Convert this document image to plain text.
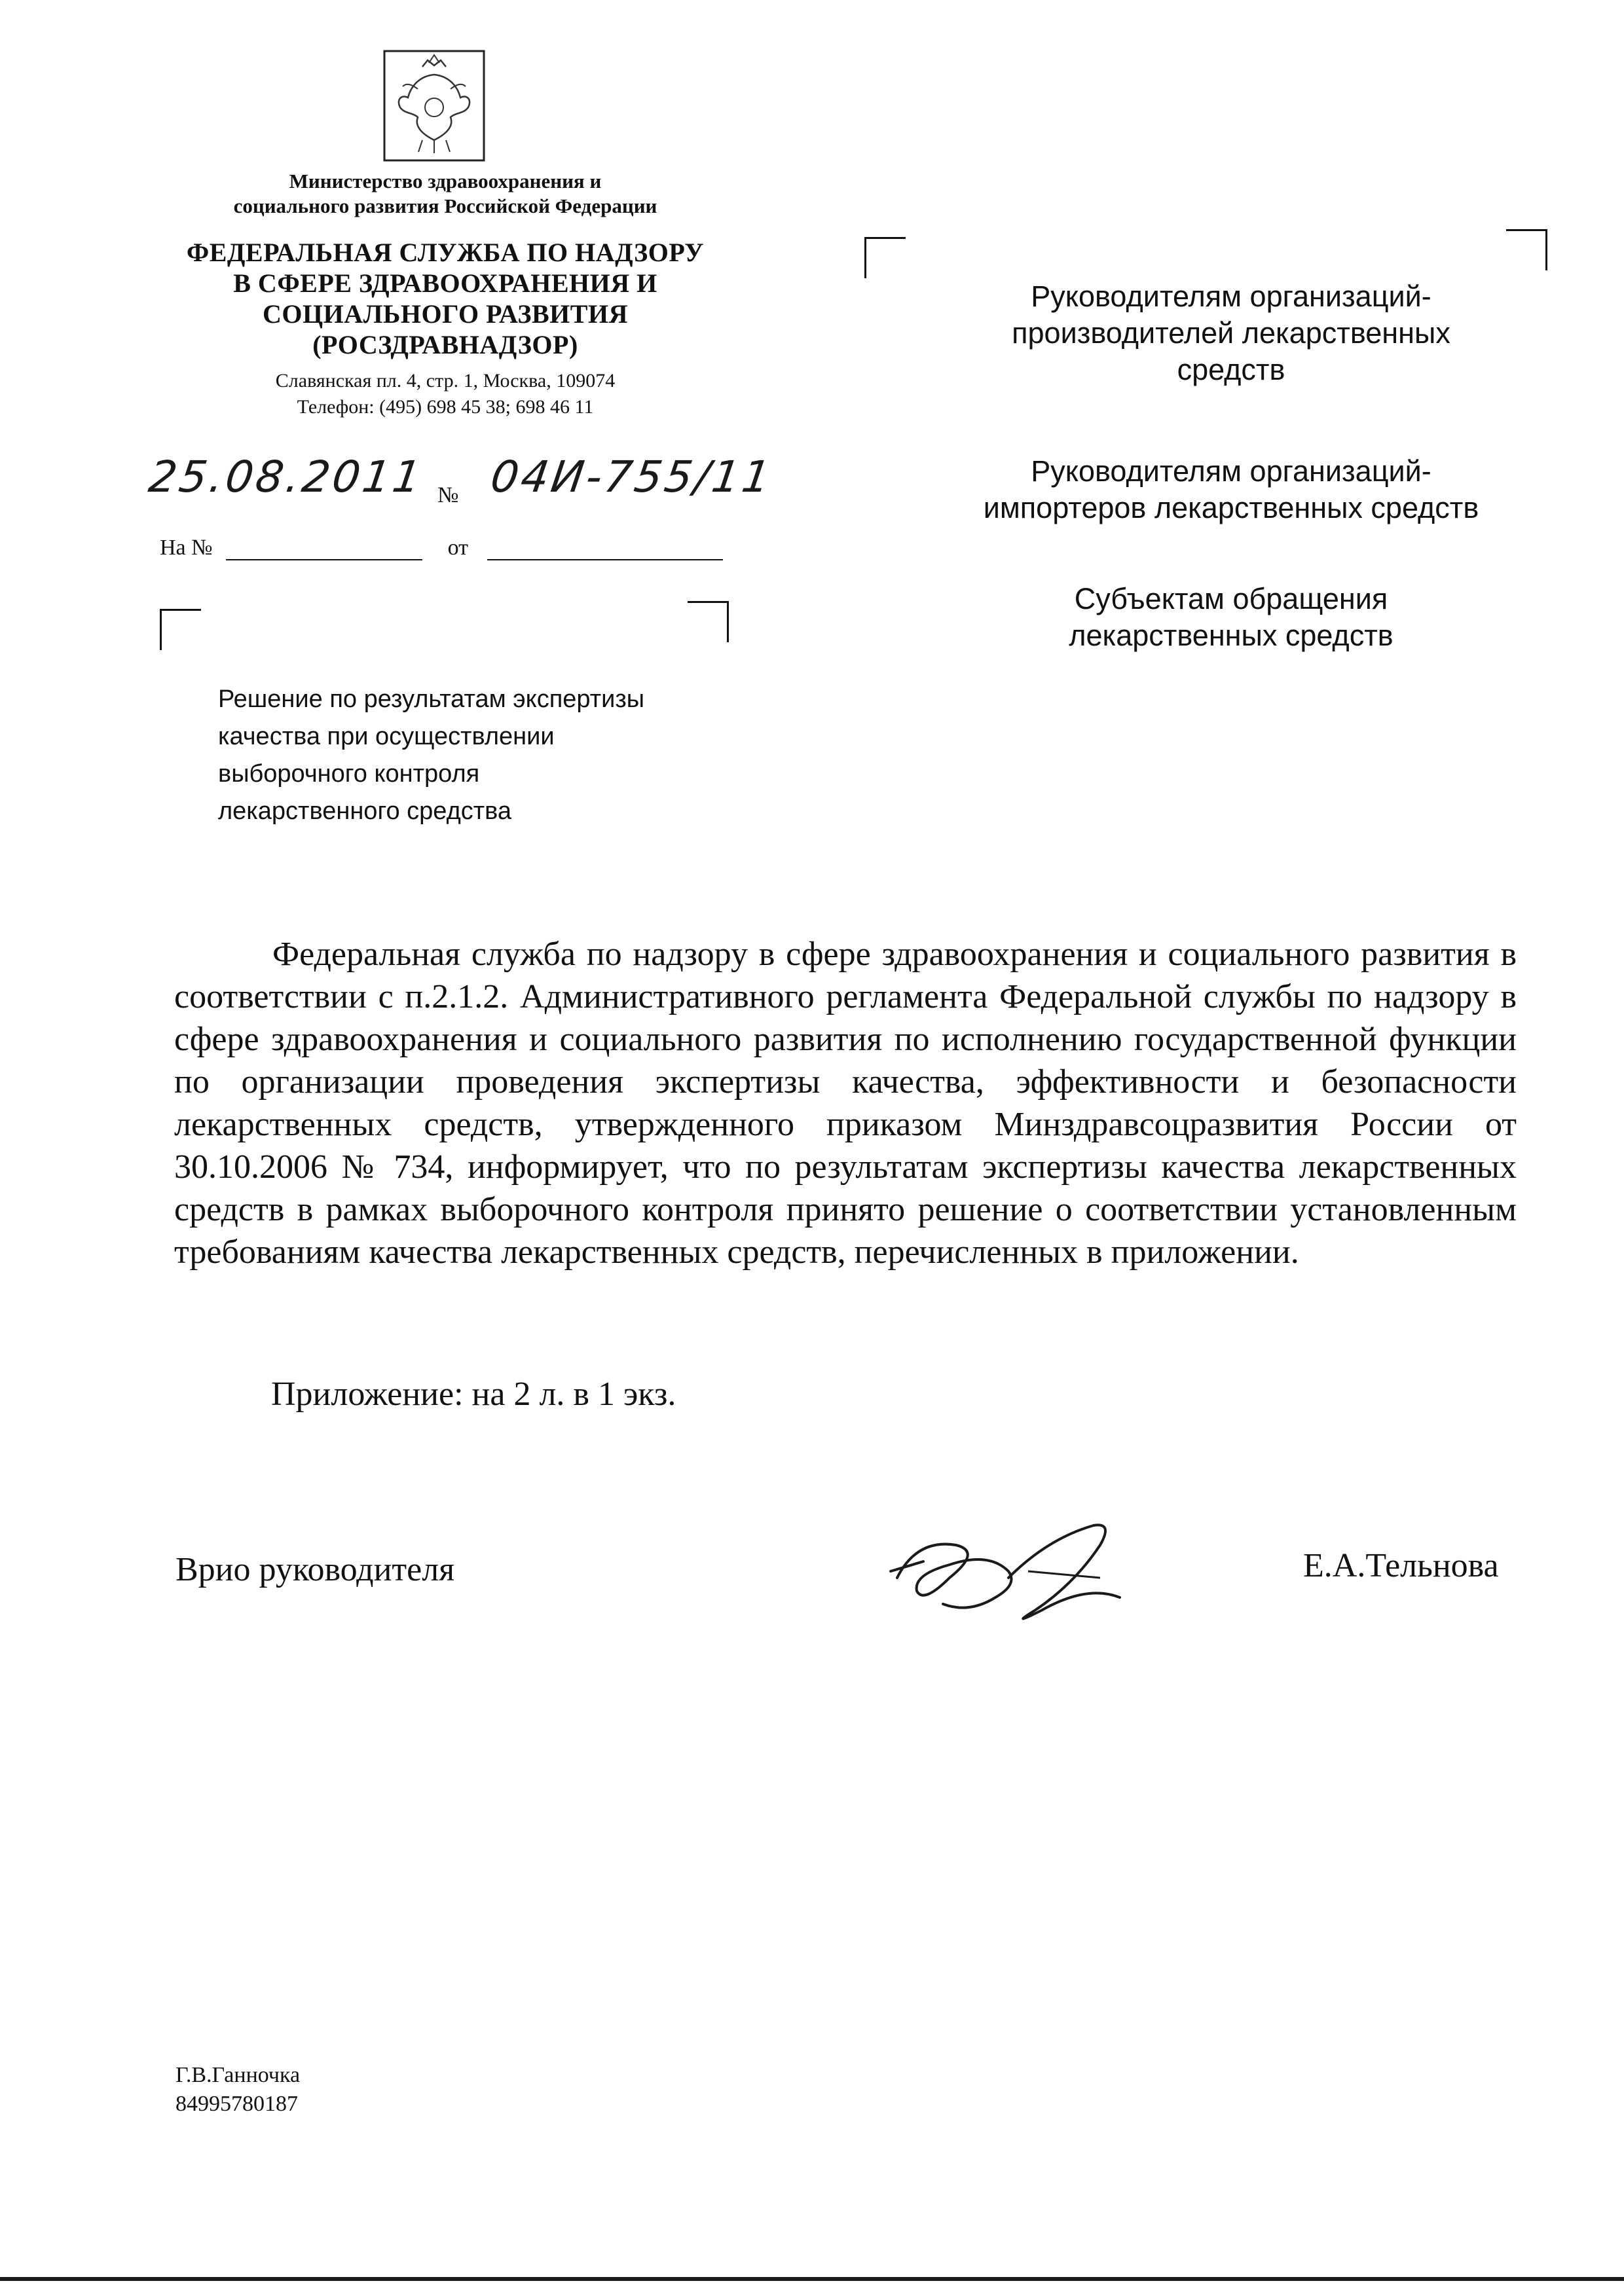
Министерство здравоохранения и
социального развития Российской Федерации
ФЕДЕРАЛЬНАЯ СЛУЖБА ПО НАДЗОРУ
В СФЕРЕ ЗДРАВООХРАНЕНИЯ И
СОЦИАЛЬНОГО РАЗВИТИЯ
(РОСЗДРАВНАДЗОР)
Славянская пл. 4, стр. 1, Москва, 109074
Телефон: (495) 698 45 38; 698 46 11
25.08.2011 № 04И-755/11
На №	от
Решение по результатам экспертизы
качества при осуществлении
выборочного контроля
лекарственного средства
Руководителям организаций-
производителей лекарственных
средств
Руководителям организаций-
импортеров лекарственных средств
Субъектам обращения
лекарственных средств

Федеральная служба по надзору в сфере здравоохранения и социального развития в соответствии с п.2.1.2. Административного регламента Федеральной службы по надзору в сфере здравоохранения и социального развития по исполнению государственной функции по организации проведения экспертизы качества, эффективности и безопасности лекарственных средств, утвержденного приказом Минздравсоцразвития России от 30.10.2006 № 734, информирует, что по результатам экспертизы качества лекарственных средств в рамках выборочного контроля принято решение о соответствии установленным требованиям качества лекарственных средств, перечисленных в приложении.

Приложение: на 2 л. в 1 экз.
Врио руководителя	Е.А.Тельнова
Г.В.Ганночка
84995780187
